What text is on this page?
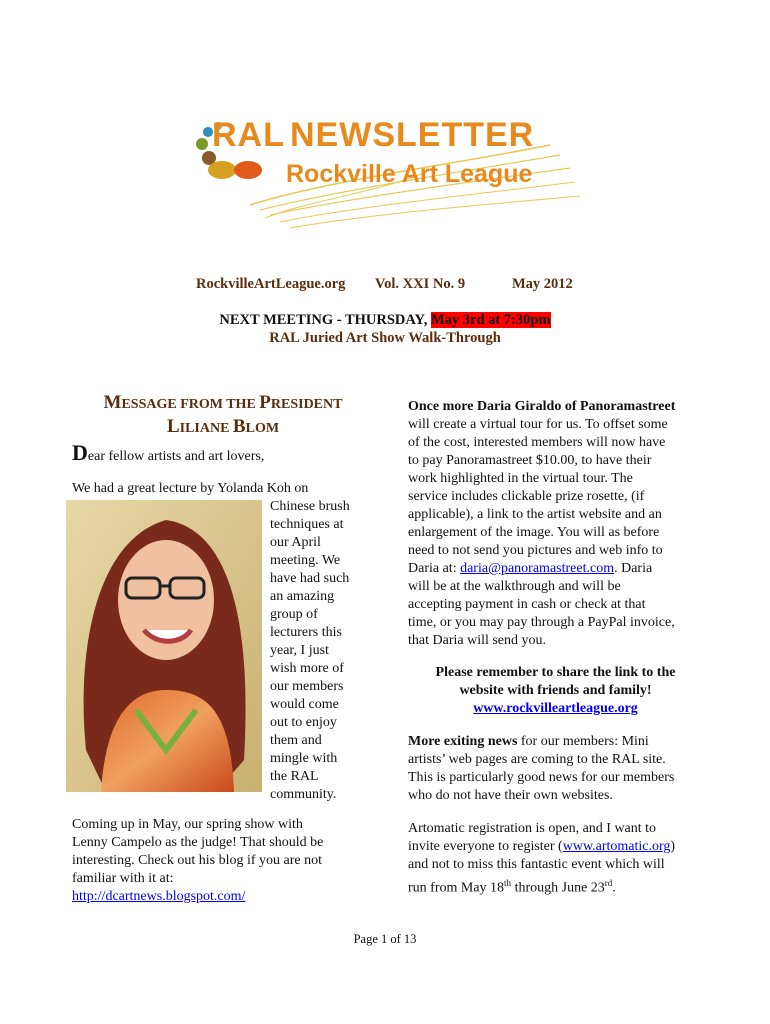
RAL NEWSLETTER
Rockville Art League
RockvilleArtLeague.org Vol. XXI No. 9	May 2012
NEXT MEETING - THURSDAY, May 3rd at 7:30pm
RAL Juried Art Show Walk-Through
MESSAGE FROM THE PRESIDENT
LILIANE BLOM
Dear fellow artists and art lovers,
We had a great lecture by Yolanda Koh on
Chinese brush
techniques at
our April
meeting. We
have had such
an amazing
group of
lecturers this
year, I just
wish more of
our members
would come
out to enjoy
them and
mingle with
the RAL
community.
Coming up in May, our spring show with
Lenny Campelo as the judge! That should be
interesting. Check out his blog if you are not
familiar with it at:
http://dcartnews.blogspot.com/
Once more Daria Giraldo of Panoramastreet
will create a virtual tour for us. To offset some
of the cost, interested members will now have
to pay Panoramastreet $10.00, to have their
work highlighted in the virtual tour. The
service includes clickable prize rosette, (if
applicable), a link to the artist website and an
enlargement of the image. You will as before
need to not send you pictures and web info to
Daria at: daria@panoramastreet.com. Daria
will be at the walkthrough and will be
accepting payment in cash or check at that
time, or you may pay through a PayPal invoice,
that Daria will send you.
Please remember to share the link to the
website with friends and family!
www.rockvilleartleague.org
More exiting news for our members: Mini
artists’ web pages are coming to the RAL site.
This is particularly good news for our members
who do not have their own websites.
Artomatic registration is open, and I want to
invite everyone to register (www.artomatic.org)
and not to miss this fantastic event which will
run from May 18th through June 23rd.
Page 1 of 13
